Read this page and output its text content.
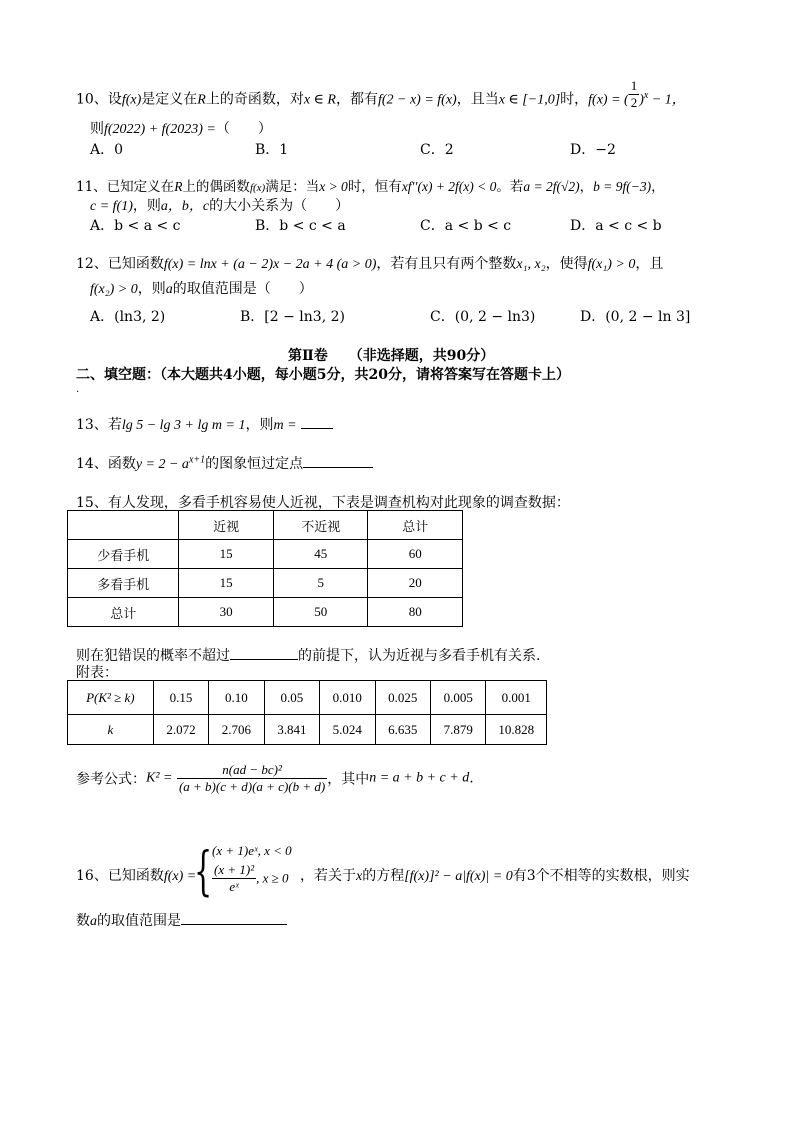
10、设f(x)是定义在R上的奇函数，对x ∈ R，都有f(2 − x) = f(x)，且当x ∈ [−1,0]时，f(x) = ( $\frac{1}{2} )^x - 1$，
则f(2022) + f(2023) =（　　）
A．0	B．1	C．2	D．−2
11、已知定义在R上的偶函数f(x)满足：当x > 0时，恒有xf′′(x) + 2f(x) < 0。若a = 2f(√2)，b = 9f(−3)，
c = f(1)，则a，b，c的大小关系为（　　）
A．b < a < c	B．b < c < a	C．a < b < c	D．a < c < b
12、已知函数f(x) = lnx + (a − 2)x − 2a + 4 (a > 0)，若有且只有两个整数x₁, x₂，使得f(x₁) > 0，且
f(x₂) > 0，则a的取值范围是（　　）
A．(ln3, 2)	B．[2 − ln3, 2)	C．(0, 2 − ln3)	D．(0, 2 − ln 3]
第Ⅱ卷　　（非选择题，共90分）
二、填空题：（本大题共4小题，每小题5分，共20分，请将答案写在答题卡上）
.
13、若lg 5 − lg 3 + lg m = 1，则m =
14、函数$y = 2 - a^{x+1}$的图象恒过定点
15、有人发现，多看手机容易使人近视，下表是调查机构对此现象的调查数据：
	近视	不近视	总计
少看手机	15	45	60
多看手机	15	5	20
总计	30	50	80
则在犯错误的概率不超过	的前提下，认为近视与多看手机有关系.
附表：
P(K² ≥ k)	0.15	0.10	0.05	0.010	0.025	0.005	0.001
k	2.072	2.706	3.841	5.024	6.635	7.879	10.828
参考公式：$K^2 = \frac{\text{n(ad − bc)²}}{(a + b)(c + d)(a + c)(b + d)}$ ，其中n = a + b + c + d.
16、已知函数f(x) =
{ (x + 1)eˣ, x < 0
$\frac{\text{(x + 1)²}}{\text{eˣ}}$ , x ≥ 0 ，若关于x的方程[f(x)]² − a|f(x)| = 0有3个不相等的实数根，则实
数a的取值范围是
